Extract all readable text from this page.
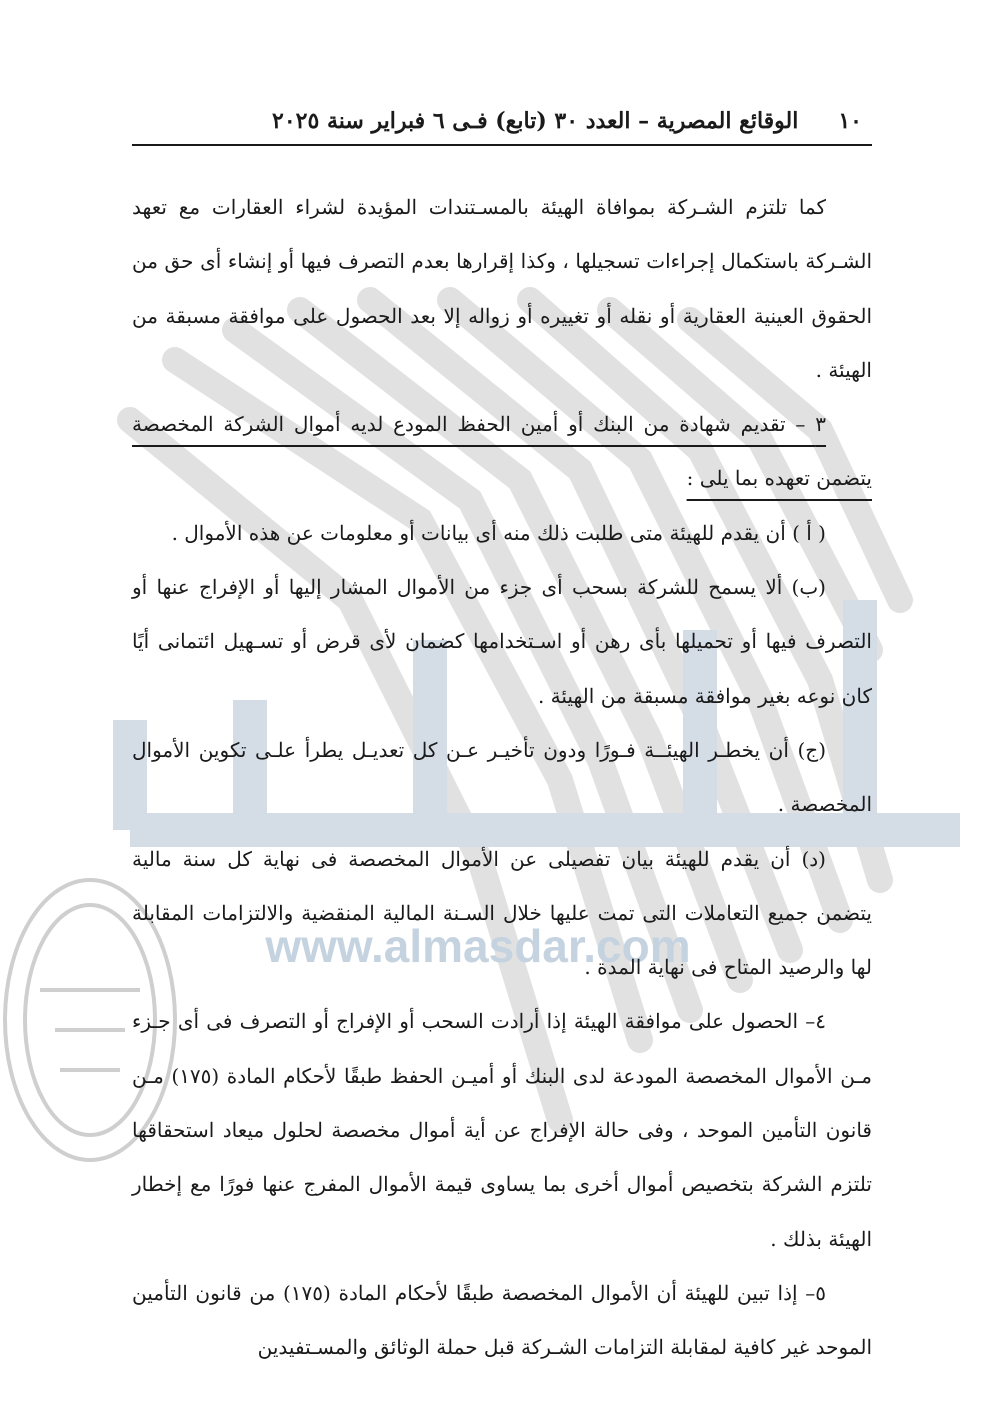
www.almasdar.com
١٠
الوقائع المصرية – العدد ٣٠ (تابع) فـى ٦ فبراير سنة ٢٠٢٥

كما تلتزم الشـركة بموافاة الهيئة بالمسـتندات المؤيدة لشراء العقارات مع تعهد الشـركة باستكمال إجراءات تسجيلها ، وكذا إقرارها بعدم التصرف فيها أو إنشاء أى حق من الحقوق العينية العقارية أو نقله أو تغييره أو زواله إلا بعد الحصول على موافقة مسبقة من الهيئة .

٣ – تقديم شهادة من البنك أو أمين الحفظ المودع لديه أموال الشركة المخصصة يتضمن تعهده بما يلى :

( أ ) أن يقدم للهيئة متى طلبت ذلك منه أى بيانات أو معلومات عن هذه الأموال .

(ب) ألا يسمح للشركة بسحب أى جزء من الأموال المشار إليها أو الإفراج عنها أو التصرف فيها أو تحميلها بأى رهن أو اسـتخدامها كضمان لأى قرض أو تسـهيل ائتمانى أيًا كان نوعه بغير موافقة مسبقة من الهيئة .

(ج) أن يخطـر الهيئــة فـورًا ودون تأخيـر عـن كل تعديـل يطرأ علـى تكوين الأموال المخصصة .

(د) أن يقدم للهيئة بيان تفصيلى عن الأموال المخصصة فى نهاية كل سنة مالية يتضمن جميع التعاملات التى تمت عليها خلال السـنة المالية المنقضية والالتزامات المقابلة لها والرصيد المتاح فى نهاية المدة .

٤– الحصول على موافقة الهيئة إذا أرادت السحب أو الإفراج أو التصرف فى أى جـزء مـن الأموال المخصصة المودعة لدى البنك أو أميـن الحفظ طبقًا لأحكام المادة (١٧٥) مـن قانون التأمين الموحد ، وفى حالة الإفراج عن أية أموال مخصصة لحلول ميعاد استحقاقها تلتزم الشركة بتخصيص أموال أخرى بما يساوى قيمة الأموال المفرج عنها فورًا مع إخطار الهيئة بذلك .

٥– إذا تبين للهيئة أن الأموال المخصصة طبقًا لأحكام المادة (١٧٥) من قانون التأمين الموحد غير كافية لمقابلة التزامات الشـركة قبل حملة الوثائق والمسـتفيدين
